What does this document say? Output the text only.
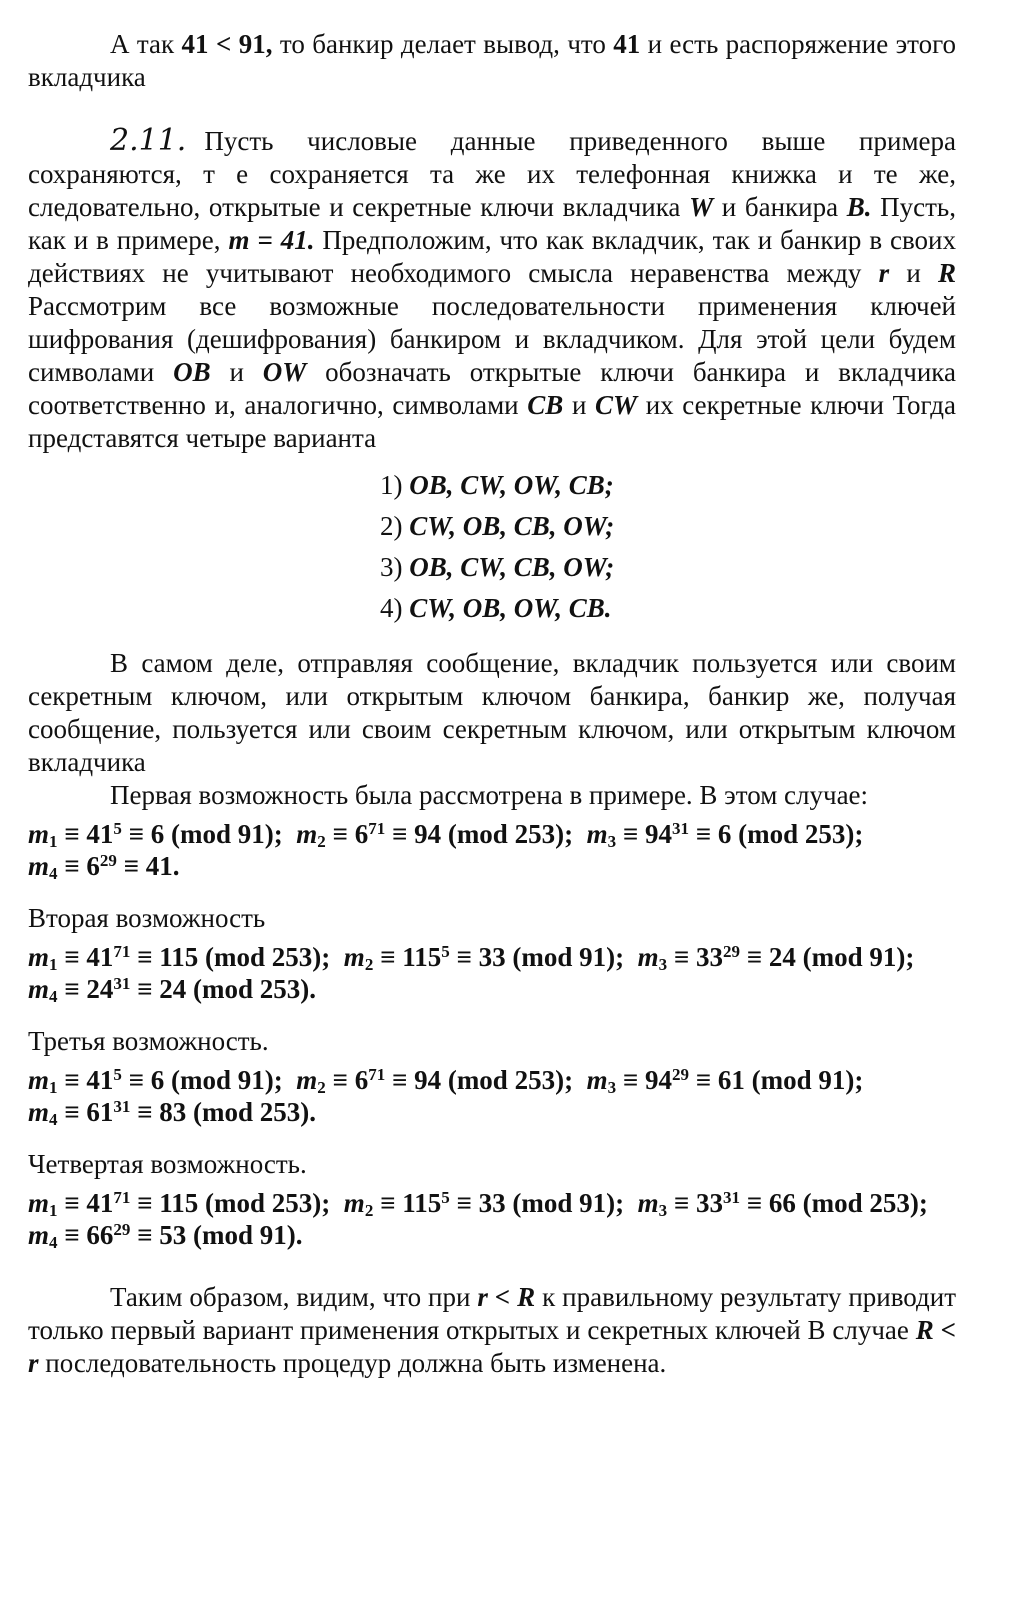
А так 41 < 91, то банкир делает вывод, что 41 и есть распоряжение этого вкладчика

2.11. Пусть числовые данные приведенного выше примера сохраняются, т е сохраняется та же их телефонная книжка и те же, следовательно, открытые и секретные ключи вкладчика W и банкира B. Пусть, как и в примере, m = 41. Предположим, что как вкладчик, так и банкир в своих действиях не учитывают необходимого смысла неравенства между r и R Рассмотрим все возможные последовательности применения ключей шифрования (дешифрования) банкиром и вкладчиком. Для этой цели будем символами OB и OW обозначать открытые ключи банкира и вкладчика соответственно и, аналогично, символами CB и CW их секретные ключи Тогда представятся четыре варианта

1) OB, CW, OW, CB;
2) CW, OB, CB, OW;
3) OB, CW, CB, OW;
4) CW, OB, OW, CB.

В самом деле, отправляя сообщение, вкладчик пользуется или своим секретным ключом, или открытым ключом банкира, банкир же, получая сообщение, пользуется или своим секретным ключом, или открытым ключом вкладчика

Первая возможность была рассмотрена в примере. В этом случае:

$m_1 \equiv 41^5 \equiv 6$ (mod 91); $m_2 \equiv 6^{71} \equiv 94$ (mod 253); $m_3 \equiv 94^{31} \equiv 6$ (mod 253);
$m_4 \equiv 6^{29} \equiv 41$.

Вторая возможность

$m_1 \equiv 41^{71} \equiv 115$ (mod 253); $m_2 \equiv 115^5 \equiv 33$ (mod 91); $m_3 \equiv 33^{29} \equiv 24$ (mod 91);
$m_4 \equiv 24^{31} \equiv 24$ (mod 253).

Третья возможность.

$m_1 \equiv 41^5 \equiv 6$ (mod 91); $m_2 \equiv 6^{71} \equiv 94$ (mod 253); $m_3 \equiv 94^{29} \equiv 61$ (mod 91);
$m_4 \equiv 61^{31} \equiv 83$ (mod 253).

Четвертая возможность.

$m_1 \equiv 41^{71} \equiv 115$ (mod 253); $m_2 \equiv 115^5 \equiv 33$ (mod 91); $m_3 \equiv 33^{31} \equiv 66$ (mod 253);
$m_4 \equiv 66^{29} \equiv 53$ (mod 91).

Таким образом, видим, что при r < R к правильному результату приводит только первый вариант применения открытых и секретных ключей В случае R < r последовательность процедур должна быть изменена.
